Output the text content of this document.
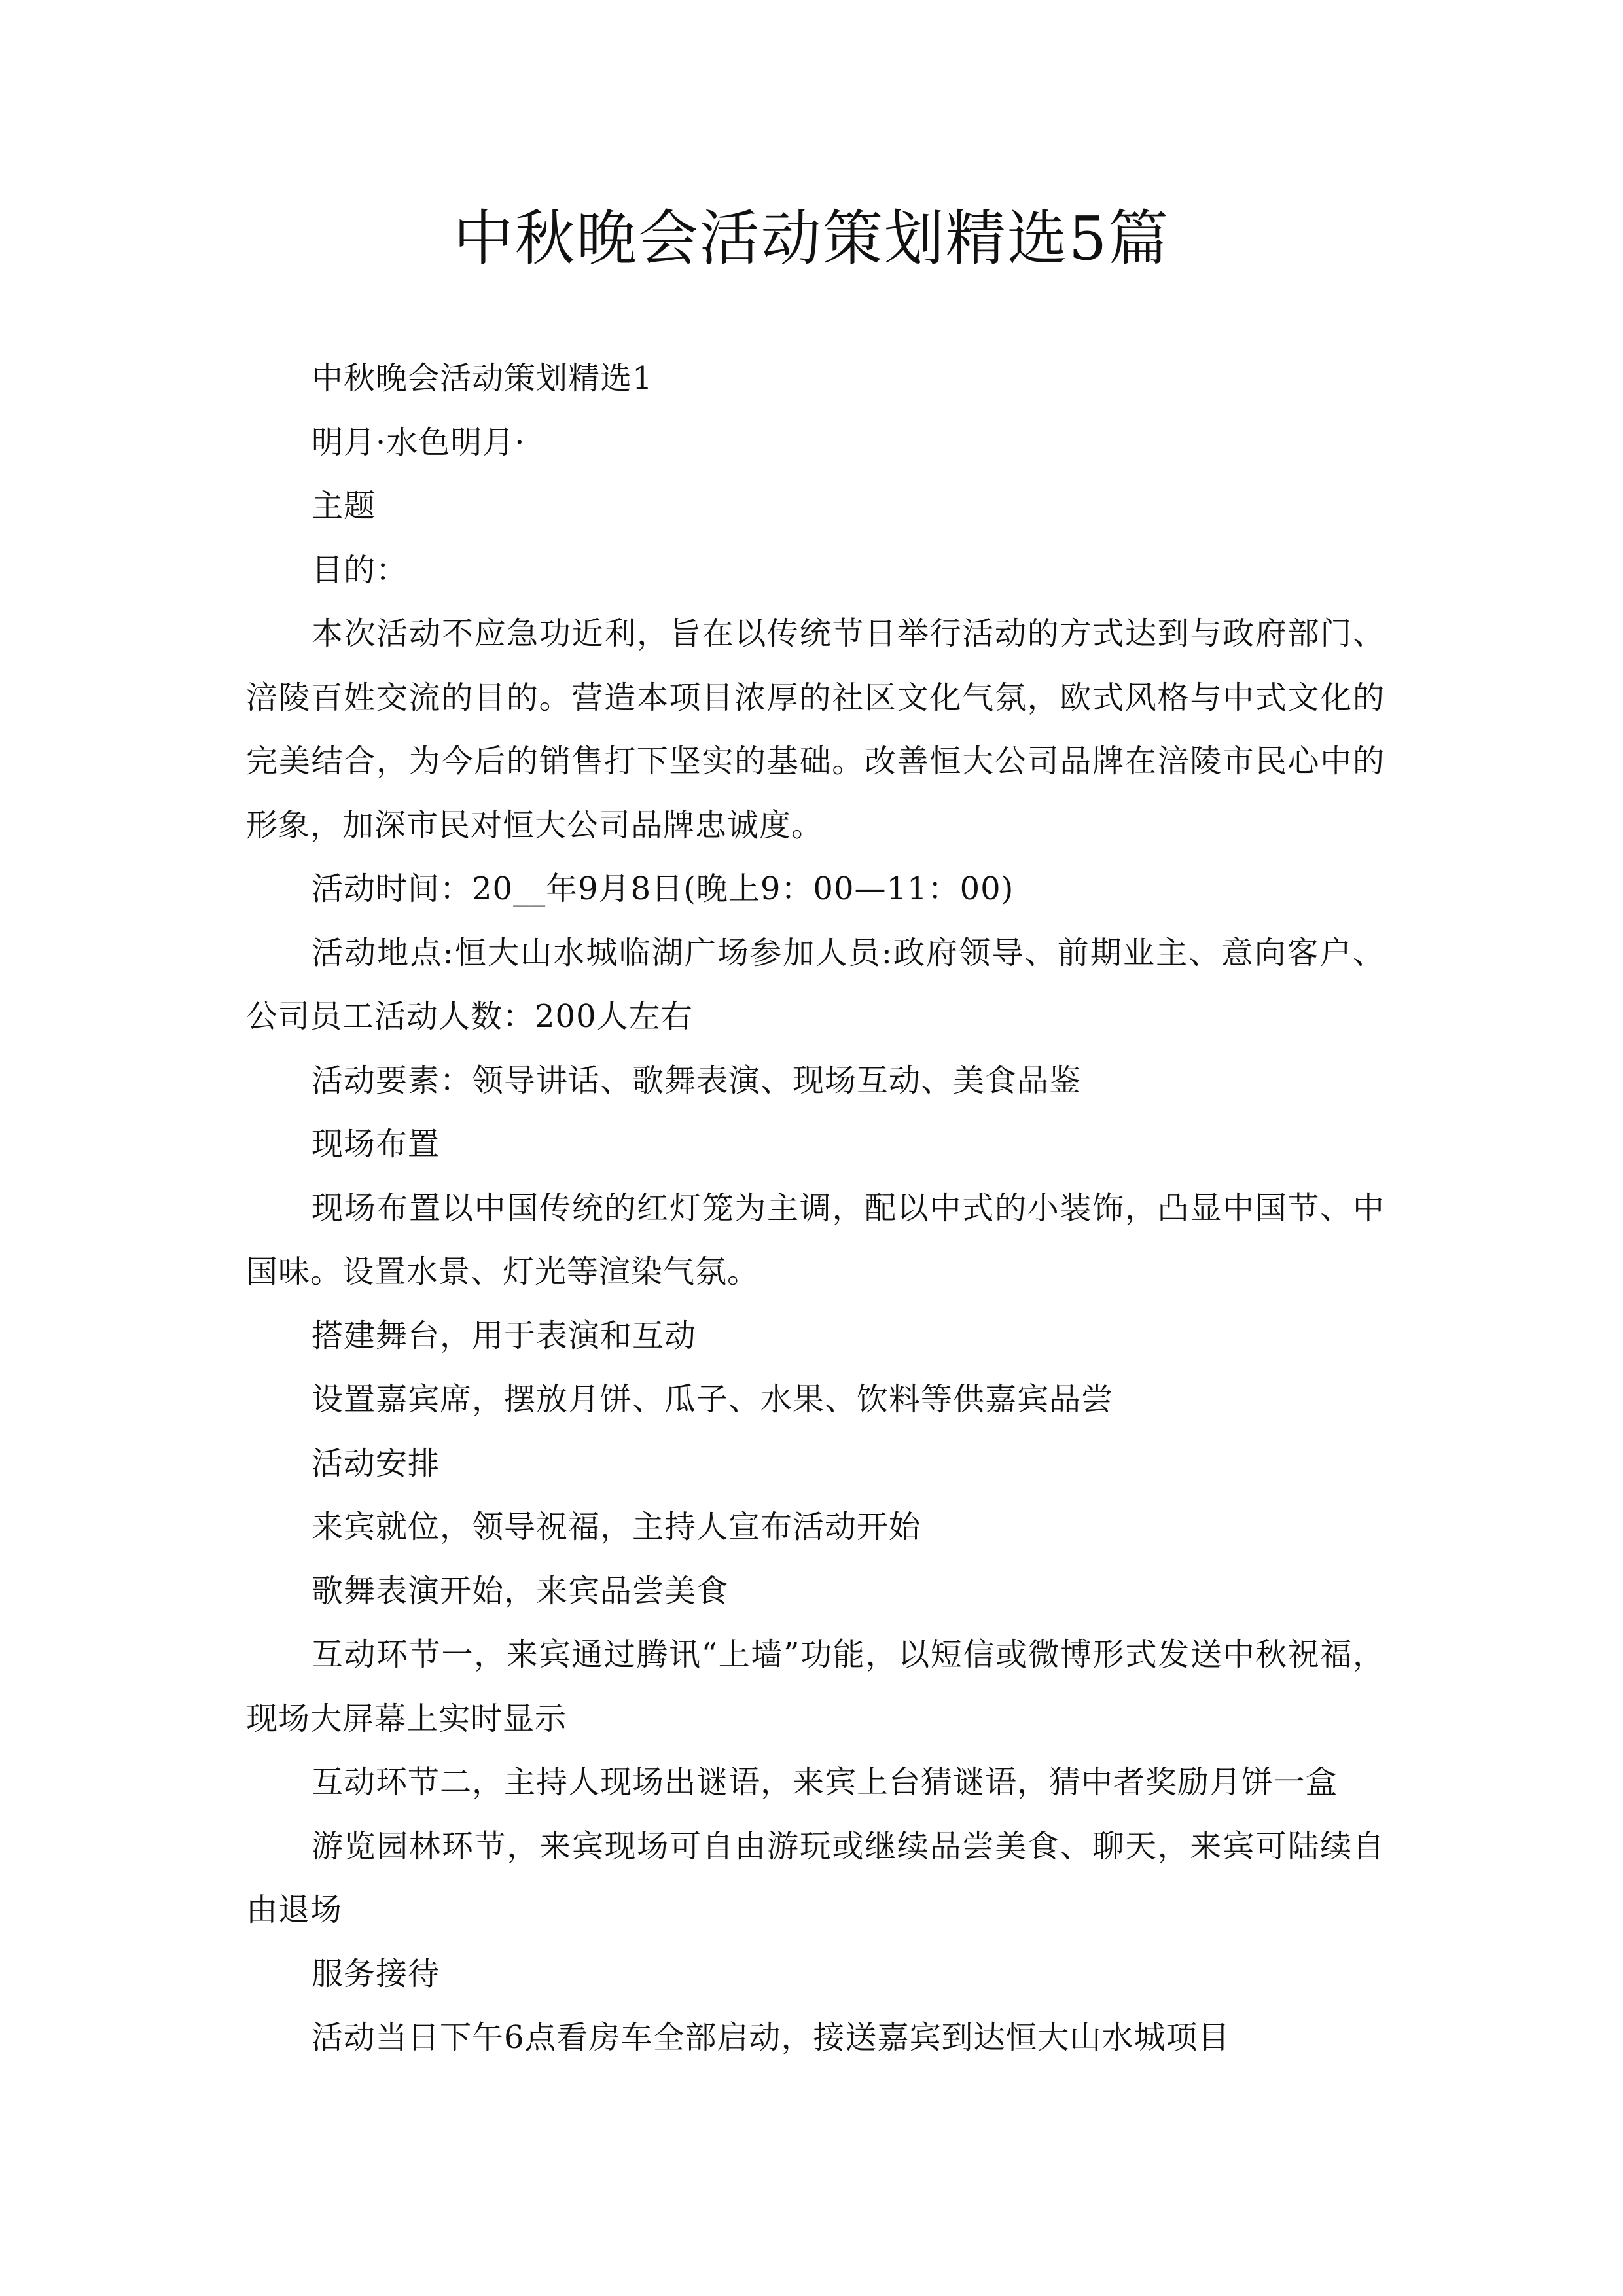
中秋晚会活动策划精选5篇

中秋晚会活动策划精选1

明月·水色明月·

主题

目的：

本次活动不应急功近利，旨在以传统节日举行活动的方式达到与政府部门、涪陵百姓交流的目的。营造本项目浓厚的社区文化气氛，欧式风格与中式文化的完美结合，为今后的销售打下坚实的基础。改善恒大公司品牌在涪陵市民心中的形象，加深市民对恒大公司品牌忠诚度。

活动时间：20__年9月8日(晚上9：00—11：00)

活动地点:恒大山水城临湖广场参加人员:政府领导、前期业主、意向客户、公司员工活动人数：200人左右

活动要素：领导讲话、歌舞表演、现场互动、美食品鉴

现场布置

现场布置以中国传统的红灯笼为主调，配以中式的小装饰，凸显中国节、中国味。设置水景、灯光等渲染气氛。

搭建舞台，用于表演和互动

设置嘉宾席，摆放月饼、瓜子、水果、饮料等供嘉宾品尝

活动安排

来宾就位，领导祝福，主持人宣布活动开始

歌舞表演开始，来宾品尝美食

互动环节一，来宾通过腾讯“上墙”功能，以短信或微博形式发送中秋祝福，现场大屏幕上实时显示

互动环节二，主持人现场出谜语，来宾上台猜谜语，猜中者奖励月饼一盒

游览园林环节，来宾现场可自由游玩或继续品尝美食、聊天，来宾可陆续自由退场

服务接待

活动当日下午6点看房车全部启动，接送嘉宾到达恒大山水城项目
